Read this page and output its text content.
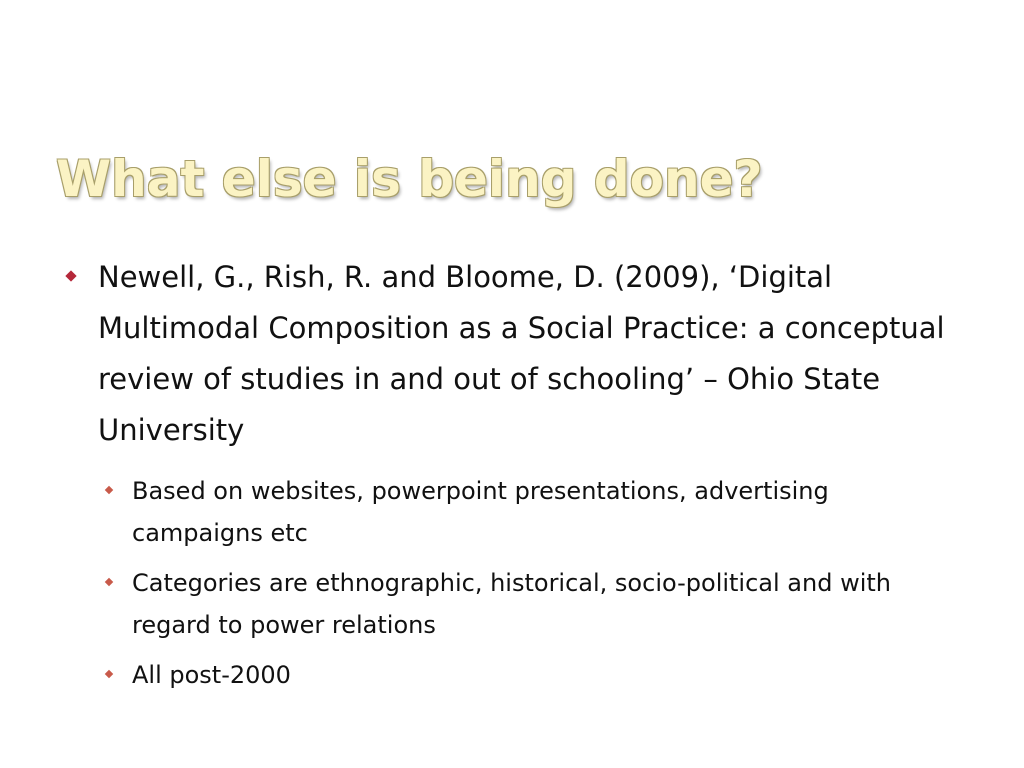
What else is being done?
Newell, G., Rish, R. and Bloome, D. (2009), ‘Digital Multimodal Composition as a Social Practice: a conceptual review of studies in and out of schooling’ – Ohio State University
Based on websites, powerpoint presentations, advertising campaigns etc
Categories are ethnographic, historical, socio-political and with regard to power relations
All post-2000
